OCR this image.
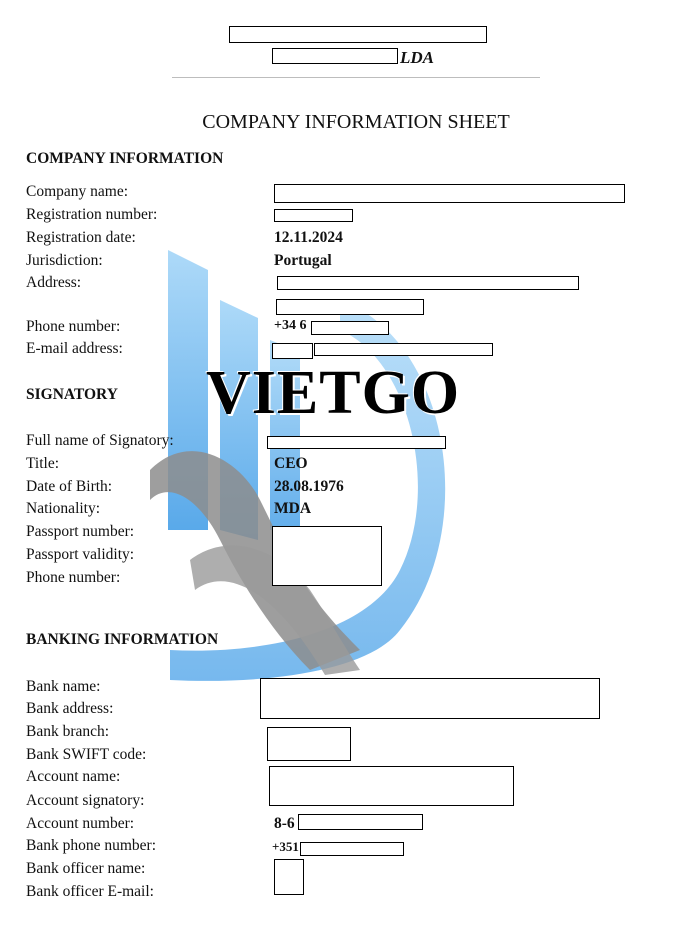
VIETGO
LDA
COMPANY INFORMATION SHEET
COMPANY INFORMATION
Company name:
Registration number:
Registration date:	12.11.2024
Jurisdiction:	Portugal
Address:
Phone number:	+34 6
E-mail address:
SIGNATORY
Full name of Signatory:
Title:	CEO
Date of Birth:	28.08.1976
Nationality:	MDA
Passport number:
Passport validity:
Phone number:
BANKING INFORMATION
Bank name:
Bank address:
Bank branch:
Bank SWIFT code:
Account name:
Account signatory:
Account number:	8-6
Bank phone number:	+351
Bank officer name:
Bank officer E-mail:
